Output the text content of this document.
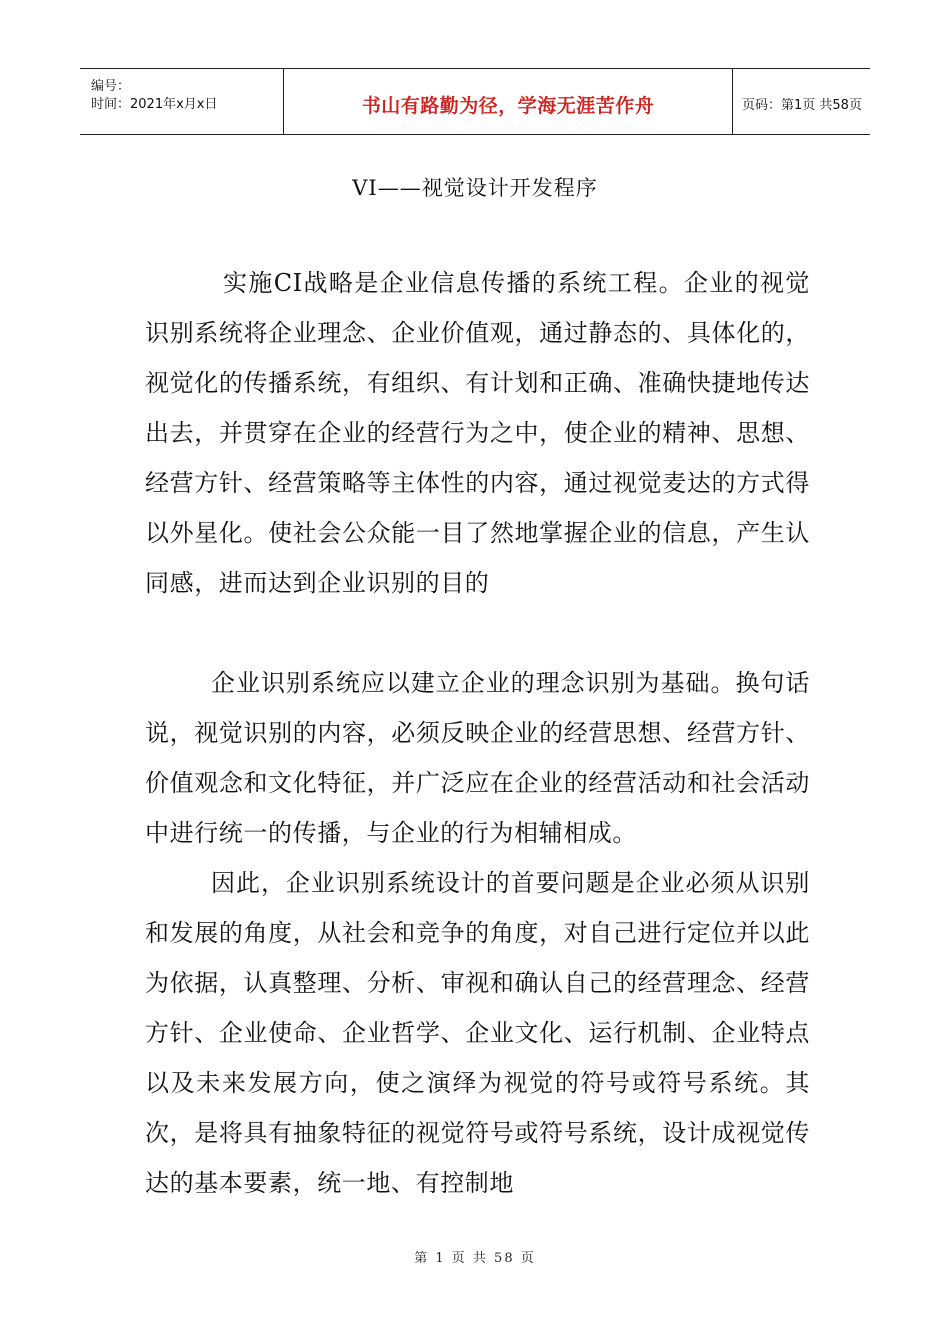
编号：
时间：2021年x月x日	书山有路勤为径，学海无涯苦作舟	页码：第1页 共58页
VI——视觉设计开发程序

实施CI战略是企业信息传播的系统工程。企业的视觉识别系统将企业理念、企业价值观，通过静态的、具体化的，视觉化的传播系统，有组织、有计划和正确、准确快捷地传达出去，并贯穿在企业的经营行为之中，使企业的精神、思想、经营方针、经营策略等主体性的内容，通过视觉麦达的方式得以外星化。使社会公众能一目了然地掌握企业的信息，产生认同感，进而达到企业识别的目的

企业识别系统应以建立企业的理念识别为基础。换句话说，视觉识别的内容，必须反映企业的经营思想、经营方针、价值观念和文化特征，并广泛应在企业的经营活动和社会活动中进行统一的传播，与企业的行为相辅相成。

因此，企业识别系统设计的首要问题是企业必须从识别和发展的角度，从社会和竞争的角度，对自己进行定位并以此为依据，认真整理、分析、审视和确认自己的经营理念、经营方针、企业使命、企业哲学、企业文化、运行机制、企业特点以及未来发展方向，使之演绎为视觉的符号或符号系统。其次，是将具有抽象特征的视觉符号或符号系统，设计成视觉传达的基本要素，统一地、有控制地

第 1 页 共 58 页
